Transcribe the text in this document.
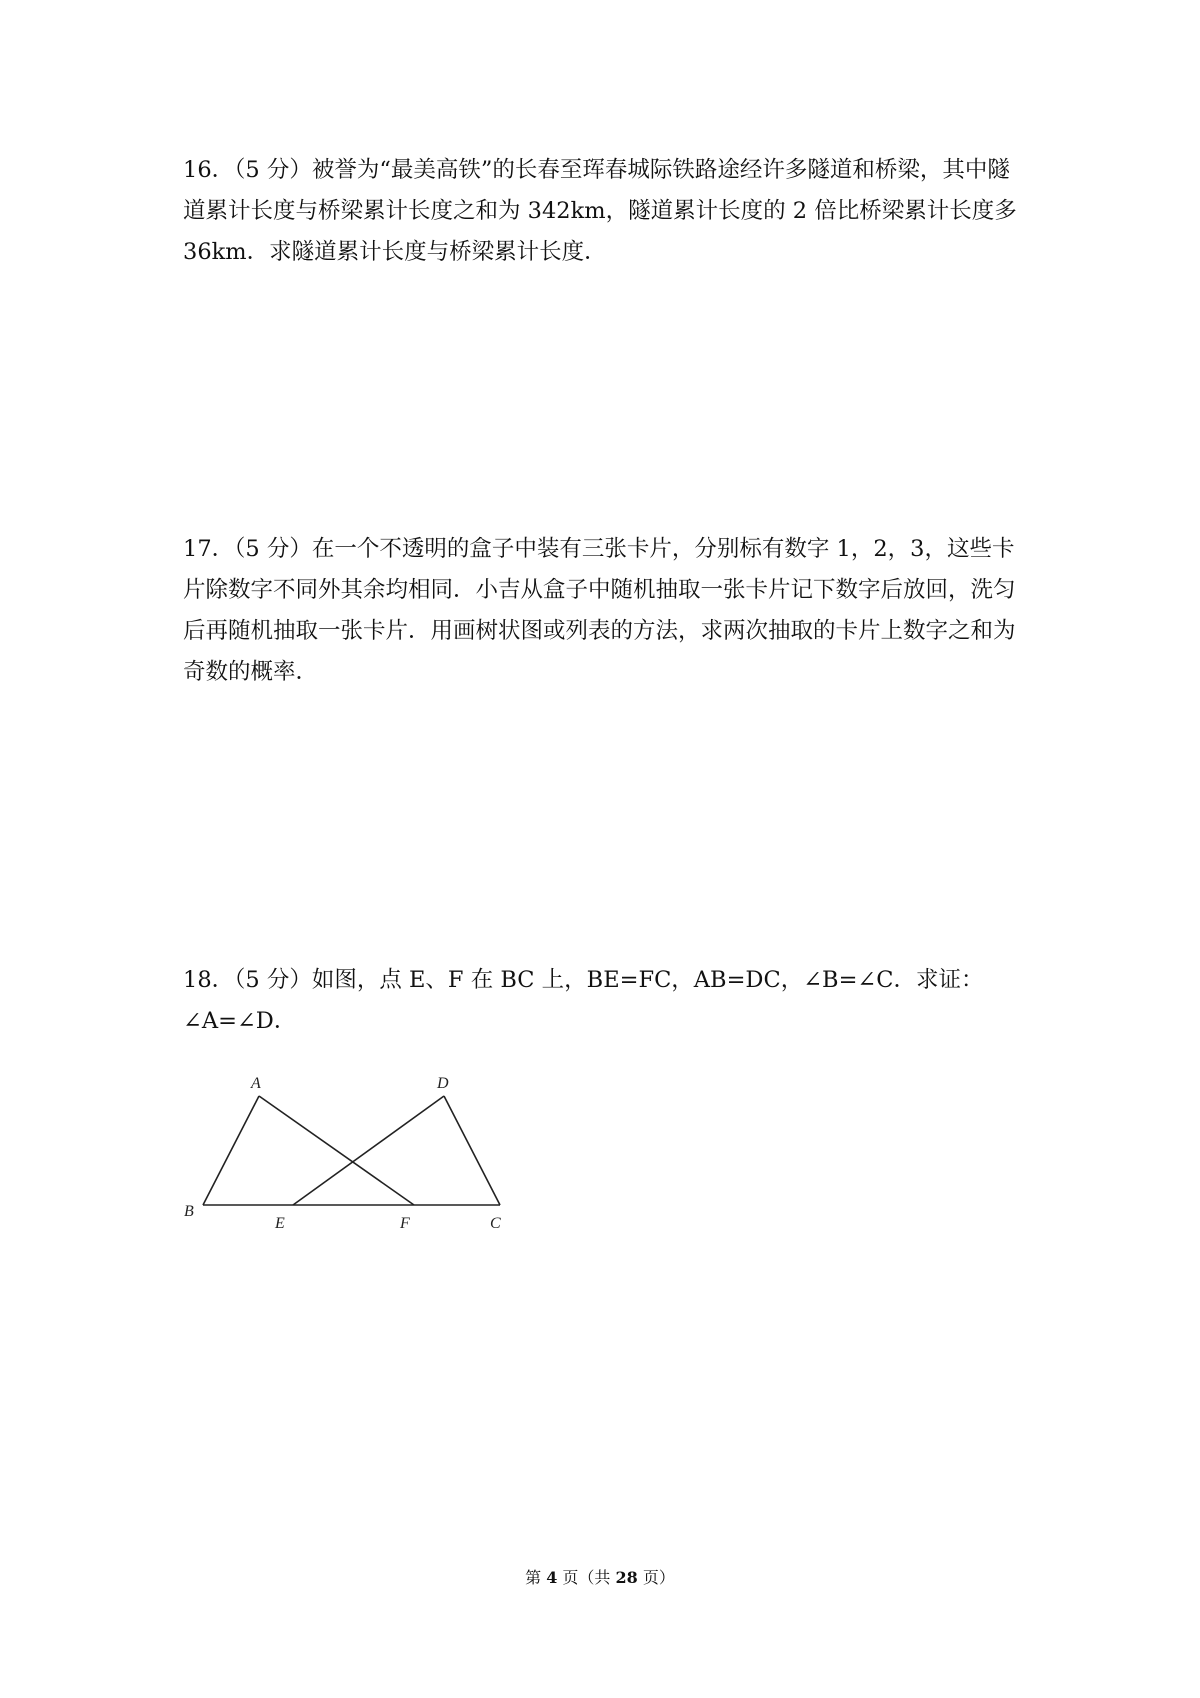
16．（5 分）被誉为“最美高铁”的长春至珲春城际铁路途经许多隧道和桥梁，其中隧道累计长度与桥梁累计长度之和为 342km，隧道累计长度的 2 倍比桥梁累计长度多 36km．求隧道累计长度与桥梁累计长度．

17．（5 分）在一个不透明的盒子中装有三张卡片，分别标有数字 1，2，3，这些卡片除数字不同外其余均相同．小吉从盒子中随机抽取一张卡片记下数字后放回，洗匀后再随机抽取一张卡片．用画树状图或列表的方法，求两次抽取的卡片上数字之和为奇数的概率．

18．（5 分）如图，点 E、F 在 BC 上，BE=FC，AB=DC，∠B=∠C．求证：∠A=∠D．

A	D
B
E	F	C
第 4 页（共 28 页）
